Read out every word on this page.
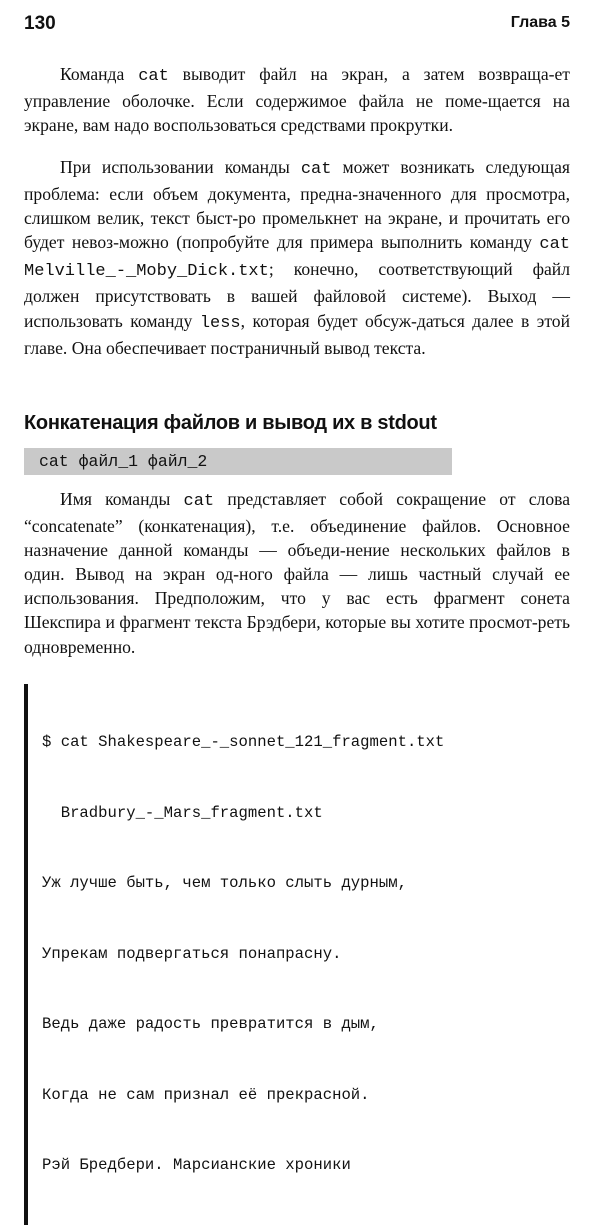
130	Глава 5

Команда cat выводит файл на экран, а затем возвраща-ет управление оболочке. Если содержимое файла не поме-щается на экране, вам надо воспользоваться средствами прокрутки.

При использовании команды cat может возникать следующая проблема: если объем документа, предна-значенного для просмотра, слишком велик, текст быст-ро промелькнет на экране, и прочитать его будет невоз-можно (попробуйте для примера выполнить команду cat Melville_-_Moby_Dick.txt; конечно, соответствующий файл должен присутствовать в вашей файловой системе). Выход — использовать команду less, которая будет обсуж-даться далее в этой главе. Она обеспечивает постраничный вывод текста.

Конкатенация файлов и вывод их в stdout
cat файл_1 файл_2

Имя команды cat представляет собой сокращение от слова “concatenate” (конкатенация), т.е. объединение файлов. Основное назначение данной команды — объеди-нение нескольких файлов в один. Вывод на экран од-ного файла — лишь частный случай ее использования. Предположим, что у вас есть фрагмент сонета Шекспира и фрагмент текста Брэдбери, которые вы хотите просмот-реть одновременно.

$ cat Shakespeare_-_sonnet_121_fragment.txt

Bradbury_-_Mars_fragment.txt

Уж лучше быть, чем только слыть дурным,

Упрекам подвергаться понапрасну.

Ведь даже радость превратится в дым,

Когда не сам признал её прекрасной.

Рэй Бредбери. Марсианские хроники
